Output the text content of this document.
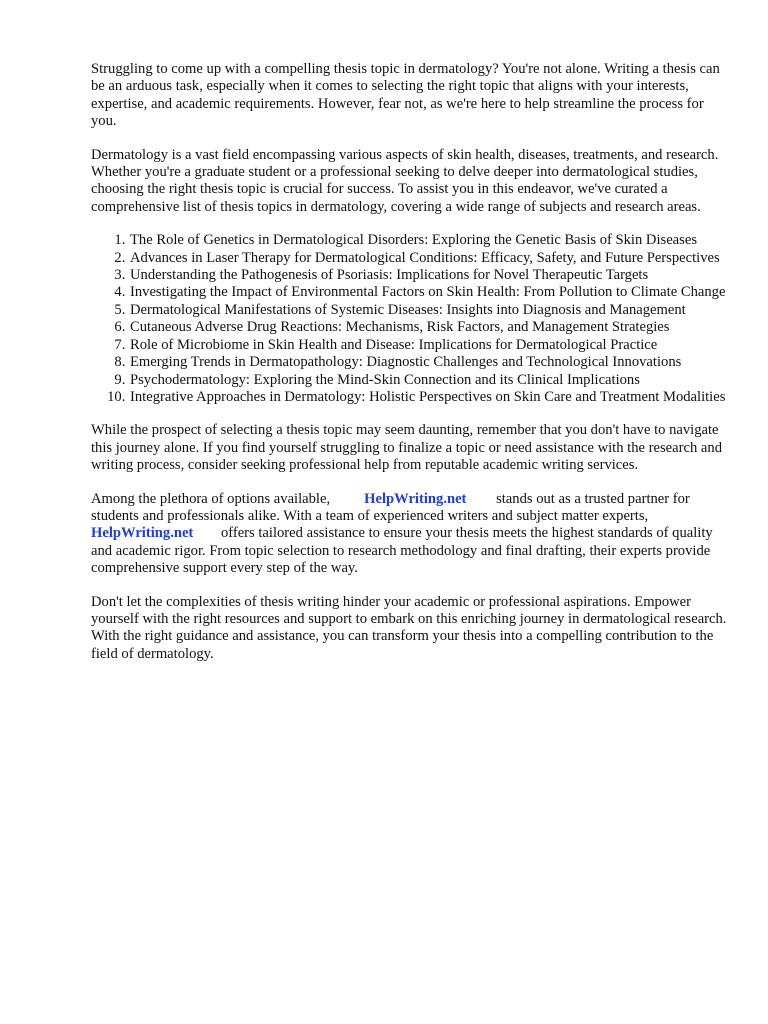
Struggling to come up with a compelling thesis topic in dermatology? You're not alone. Writing a thesis can be an arduous task, especially when it comes to selecting the right topic that aligns with your interests, expertise, and academic requirements. However, fear not, as we're here to help streamline the process for you.

Dermatology is a vast field encompassing various aspects of skin health, diseases, treatments, and research. Whether you're a graduate student or a professional seeking to delve deeper into dermatological studies, choosing the right thesis topic is crucial for success. To assist you in this endeavor, we've curated a comprehensive list of thesis topics in dermatology, covering a wide range of subjects and research areas.

1. The Role of Genetics in Dermatological Disorders: Exploring the Genetic Basis of Skin Diseases
2. Advances in Laser Therapy for Dermatological Conditions: Efficacy, Safety, and Future Perspectives
3. Understanding the Pathogenesis of Psoriasis: Implications for Novel Therapeutic Targets
4. Investigating the Impact of Environmental Factors on Skin Health: From Pollution to Climate Change
5. Dermatological Manifestations of Systemic Diseases: Insights into Diagnosis and Management
6. Cutaneous Adverse Drug Reactions: Mechanisms, Risk Factors, and Management Strategies
7. Role of Microbiome in Skin Health and Disease: Implications for Dermatological Practice
8. Emerging Trends in Dermatopathology: Diagnostic Challenges and Technological Innovations
9. Psychodermatology: Exploring the Mind-Skin Connection and its Clinical Implications
10. Integrative Approaches in Dermatology: Holistic Perspectives on Skin Care and Treatment Modalities

While the prospect of selecting a thesis topic may seem daunting, remember that you don't have to navigate this journey alone. If you find yourself struggling to finalize a topic or need assistance with the research and writing process, consider seeking professional help from reputable academic writing services.

Among the plethora of options available, HelpWriting.net stands out as a trusted partner for students and professionals alike. With a team of experienced writers and subject matter experts, HelpWriting.net offers tailored assistance to ensure your thesis meets the highest standards of quality and academic rigor. From topic selection to research methodology and final drafting, their experts provide comprehensive support every step of the way.

Don't let the complexities of thesis writing hinder your academic or professional aspirations. Empower yourself with the right resources and support to embark on this enriching journey in dermatological research. With the right guidance and assistance, you can transform your thesis into a compelling contribution to the field of dermatology.
